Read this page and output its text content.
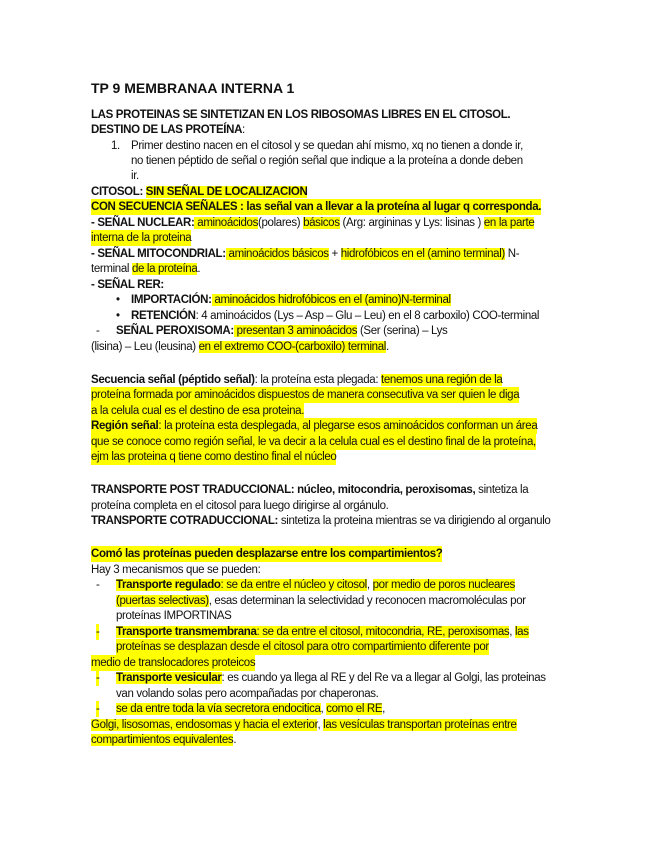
TP 9 MEMBRANAA INTERNA 1
LAS PROTEINAS SE SINTETIZAN EN LOS RIBOSOMAS LIBRES EN EL CITOSOL.
DESTINO DE LAS PROTEÍNA:
1. Primer destino nacen en el citosol y se quedan ahí mismo, xq no tienen a donde ir,
no tienen péptido de señal o región señal que indique a la proteína a donde deben
ir.
CITOSOL: SIN SEÑAL DE LOCALIZACION
CON SECUENCIA SEÑALES : las señal van a llevar a la proteína al lugar q corresponda.
- SEÑAL NUCLEAR: aminoácidos(polares) básicos (Arg: argininas y Lys: lisinas ) en la parte
interna de la proteina
- SEÑAL MITOCONDRIAL: aminoácidos básicos + hidrofóbicos en el (amino terminal) N-
terminal de la proteína.
- SEÑAL RER:
• IMPORTACIÓN: aminoácidos hidrofóbicos en el (amino)N-terminal
• RETENCIÓN: 4 aminoácidos (Lys – Asp – Glu – Leu) en el 8 carboxilo) COO-terminal
- SEÑAL PEROXISOMA: presentan 3 aminoácidos (Ser (serina) – Lys
(lisina) – Leu (leusina) en el extremo COO-(carboxilo) terminal.
Secuencia señal (péptido señal): la proteína esta plegada: tenemos una región de la
proteína formada por aminoácidos dispuestos de manera consecutiva va ser quien le diga
a la celula cual es el destino de esa proteina.
Región señal: la proteína esta desplegada, al plegarse esos aminoácidos conforman un área
que se conoce como región señal, le va decir a la celula cual es el destino final de la proteína,
ejm las proteina q tiene como destino final el núcleo
TRANSPORTE POST TRADUCCIONAL: núcleo, mitocondria, peroxisomas, sintetiza la
proteína completa en el citosol para luego dirigirse al orgánulo.
TRANSPORTE COTRADUCCIONAL: sintetiza la proteina mientras se va dirigiendo al organulo
Comó las proteínas pueden desplazarse entre los compartimientos?
Hay 3 mecanismos que se pueden:
- Transporte regulado: se da entre el núcleo y citosol, por medio de poros nucleares
(puertas selectivas), esas determinan la selectividad y reconocen macromoléculas por
proteínas IMPORTINAS
- Transporte transmembrana: se da entre el citosol, mitocondria, RE, peroxisomas, las
proteínas se desplazan desde el citosol para otro compartimiento diferente por
medio de translocadores proteicos
- Transporte vesicular: es cuando ya llega al RE y del Re va a llegar al Golgi, las proteinas
van volando solas pero acompañadas por chaperonas.
- se da entre toda la vía secretora endocitica, como el RE,
Golgi, lisosomas, endosomas y hacia el exterior, las vesículas transportan proteínas entre
compartimientos equivalentes.
